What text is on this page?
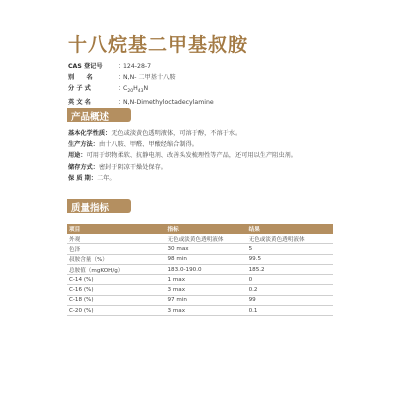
十八烷基二甲基叔胺
CAS 登记号	：
124-28-7
别　　名	：
N,N- 二甲基十八胺
分 子 式	：
$C_{20}H_{43}N$
英 文 名	：
N,N-Dimethyloctadecylamine
产品概述
基本化学性质：无色或淡黄色透明液体，可溶于醇，不溶于水。
生产方法：由十八胺、甲醛、甲酸经缩合制得。
用途：可用于织物柔软、抗静电剂、改善头发梳理性等产品，还可用以生产阻虫剂。
储存方式：密封于阴凉干燥处保存。
保 质 期：二年。
质量指标
项目	指标	结果
外观	无色或淡黄色透明液体	无色或淡黄色透明液体
色泽	30 max	5
叔胺含量（%）	98 min	99.5
总胺值（mgKOH/g）	183.0-190.0	185.2
C-14 (%)	1 max	0
C-16 (%)	3 max	0.2
C-18 (%)	97 min	99
C-20 (%)	3 max	0.1
